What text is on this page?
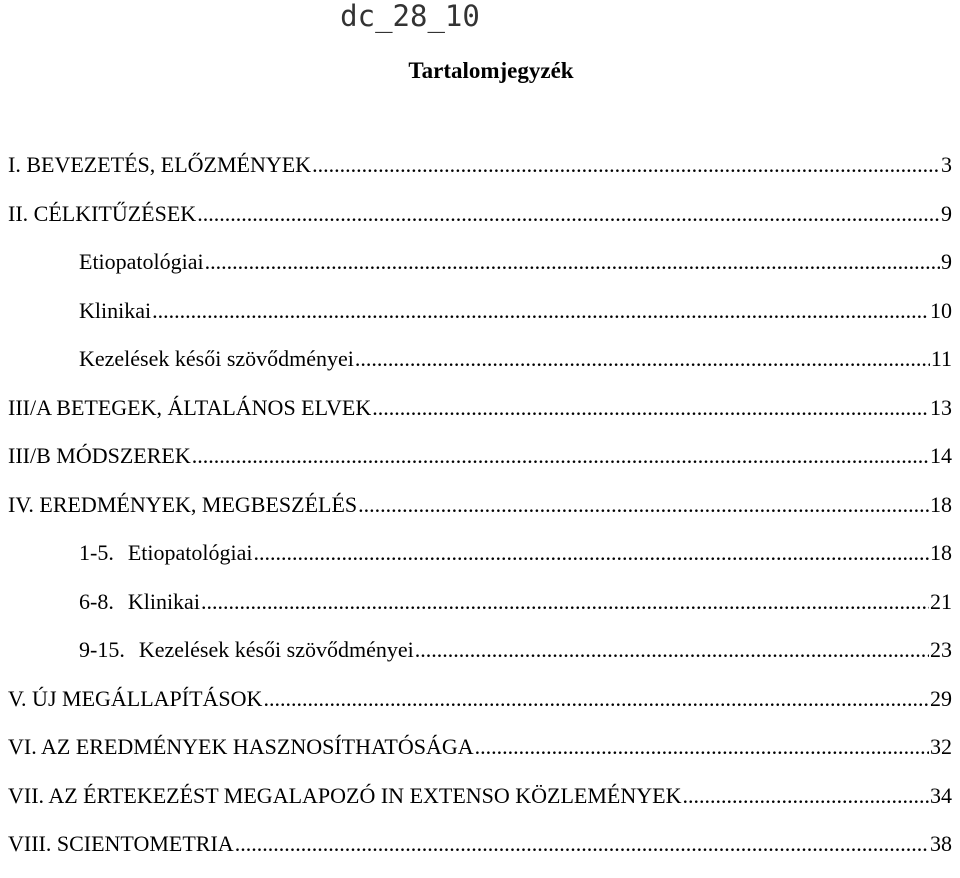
dc_28_10
Tartalomjegyzék
I. BEVEZETÉS, ELŐZMÉNYEK .....	3
II. CÉLKITŰZÉSEK .....	9
Etiopatológiai .....	9
Klinikai .....	10
Kezelések késői szövődményei .....	11
III/A BETEGEK, ÁLTALÁNOS ELVEK .....	13
III/B MÓDSZEREK .....	14
IV. EREDMÉNYEK, MEGBESZÉLÉS .....	18
1-5. Etiopatológiai .....	18
6-8. Klinikai .....	21
9-15. Kezelések késői szövődményei .....	23
V. ÚJ MEGÁLLAPÍTÁSOK .....	29
VI. AZ EREDMÉNYEK HASZNOSÍTHATÓSÁGA .....	32
VII. AZ ÉRTEKEZÉST MEGALAPOZÓ IN EXTENSO KÖZLEMÉNYEK .....	34
VIII. SCIENTOMETRIA .....	38
